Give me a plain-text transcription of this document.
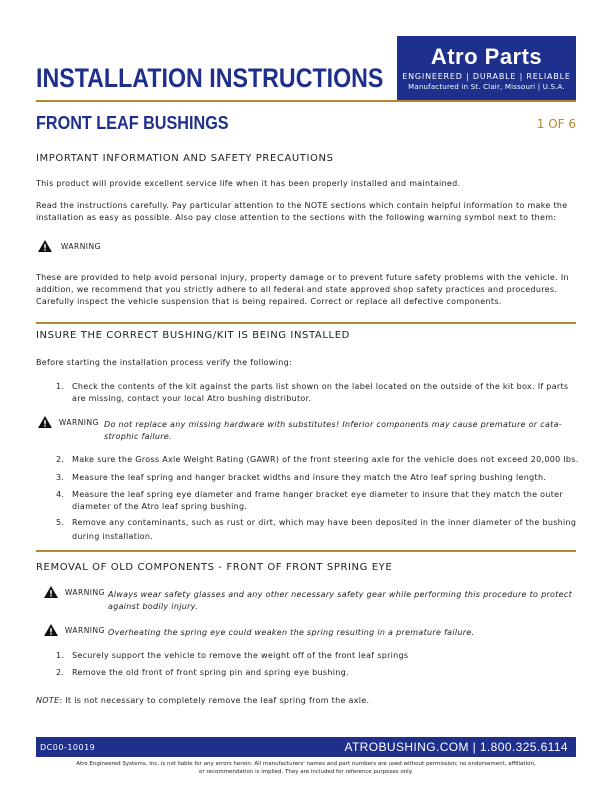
INSTALLATION INSTRUCTIONS
Atro Parts
ENGINEERED | DURABLE | RELIABLE
Manufactured in St. Clair, Missouri | U.S.A.
FRONT LEAF BUSHINGS	1 OF 6
IMPORTANT INFORMATION AND SAFETY PRECAUTIONS
This product will provide excellent service life when it has been properly installed and maintained.
Read the instructions carefully. Pay particular attention to the NOTE sections which contain helpful information to make the
installation as easy as possible. Also pay close attention to the sections with the following warning symbol next to them:
WARNING
These are provided to help avoid personal injury, property damage or to prevent future safety problems with the vehicle. In
addition, we recommend that you strictly adhere to all federal and state approved shop safety practices and procedures.
Carefully inspect the vehicle suspension that is being repaired. Correct or replace all defective components.
INSURE THE CORRECT BUSHING/KIT IS BEING INSTALLED
Before starting the installation process verify the following:
1. Check the contents of the kit against the parts list shown on the label located on the outside of the kit box. If parts
are missing, contact your local Atro bushing distributor.
WARNING Do not replace any missing hardware with substitutes! Inferior components may cause premature or cata-
strophic failure.
2. Make sure the Gross Axle Weight Rating (GAWR) of the front steering axle for the vehicle does not exceed 20,000 lbs.
3. Measure the leaf spring and hanger bracket widths and insure they match the Atro leaf spring bushing length.
4. Measure the leaf spring eye diameter and frame hanger bracket eye diameter to insure that they match the outer
diameter of the Atro leaf spring bushing.
5. Remove any contaminants, such as rust or dirt, which may have been deposited in the inner diameter of the bushing
during installation.
REMOVAL OF OLD COMPONENTS - FRONT OF FRONT SPRING EYE
WARNING Always wear safety glasses and any other necessary safety gear while performing this procedure to protect
against bodily injury.
WARNING Overheating the spring eye could weaken the spring resulting in a premature failure.
1. Securely support the vehicle to remove the weight off of the front leaf springs
2. Remove the old front of front spring pin and spring eye bushing.
NOTE: It is not necessary to completely remove the leaf spring from the axle.
DC00-10019	ATROBUSHING.COM | 1.800.325.6114
Atro Engineered Systems, Inc. is not liable for any errors herein. All manufacturers' names and part numbers are used without permission; no endorsement, affiliation,
or recommendation is implied. They are included for reference purposes only.
